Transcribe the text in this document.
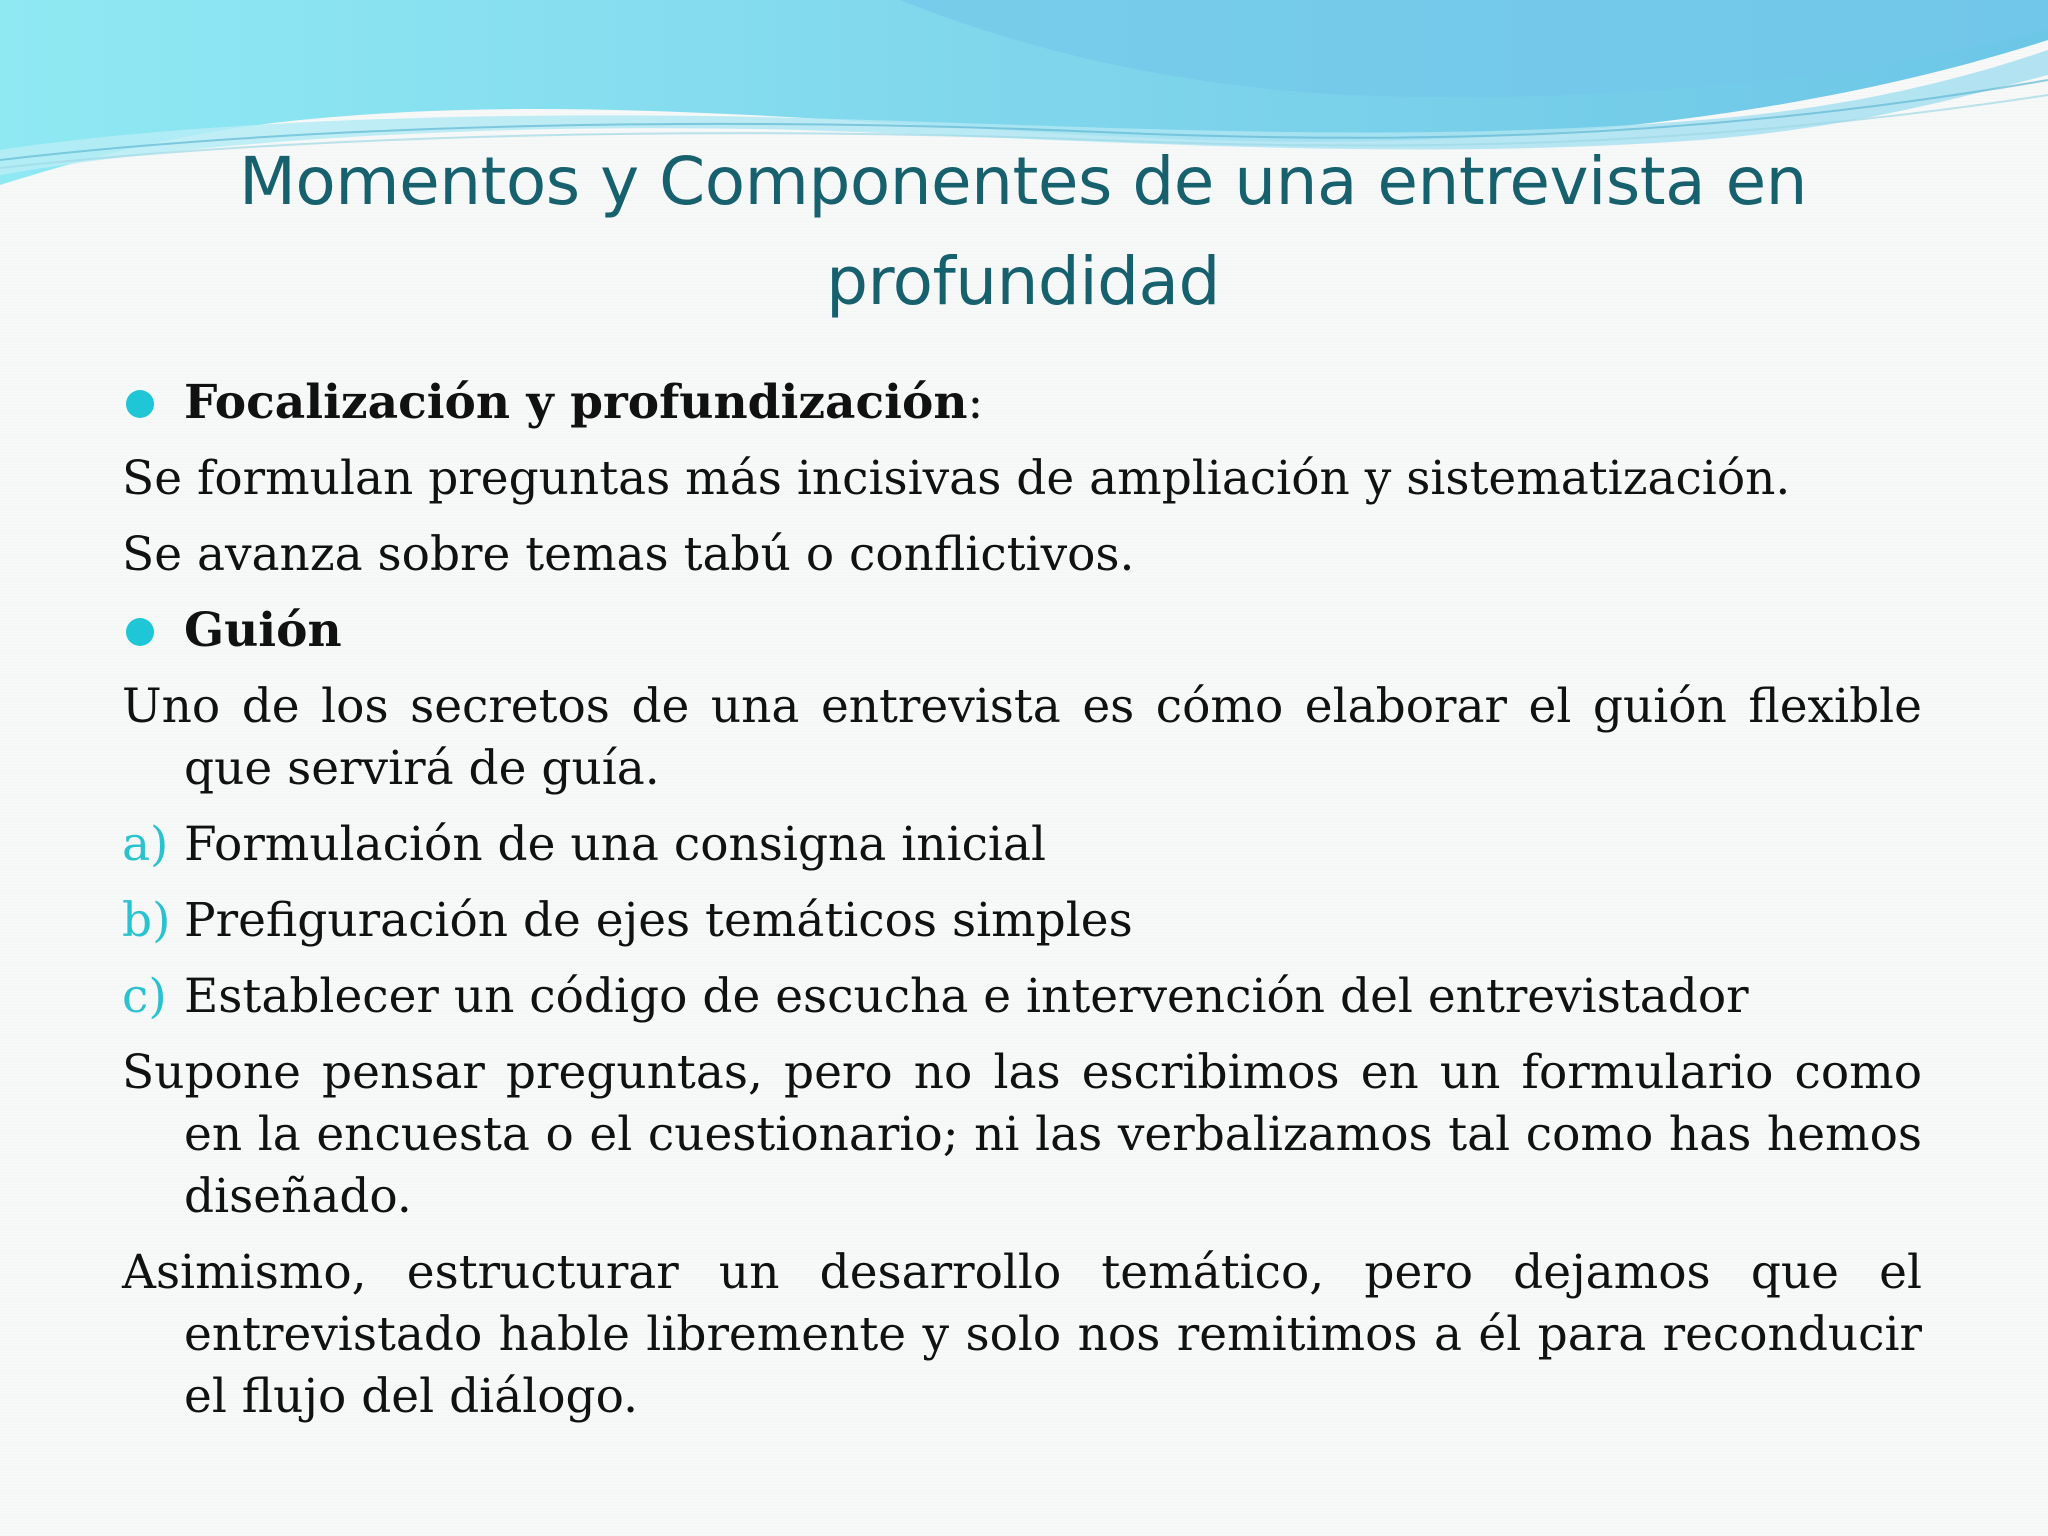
Momentos y Componentes de una entrevista en profundidad
Focalización y profundización:

Se formulan preguntas más incisivas de ampliación y sistematización.

Se avanza sobre temas tabú o conflictivos.

Guión

Uno de los secretos de una entrevista es cómo elaborar el guión flexible que servirá de guía.

a) Formulación de una consigna inicial
b) Prefiguración de ejes temáticos simples
c) Establecer un código de escucha e intervención del entrevistador

Supone pensar preguntas, pero no las escribimos en un formulario como en la encuesta o el cuestionario; ni las verbalizamos tal como has hemos diseñado.

Asimismo, estructurar un desarrollo temático, pero dejamos que el entrevistado hable libremente y solo nos remitimos a él para reconducir el flujo del diálogo.
